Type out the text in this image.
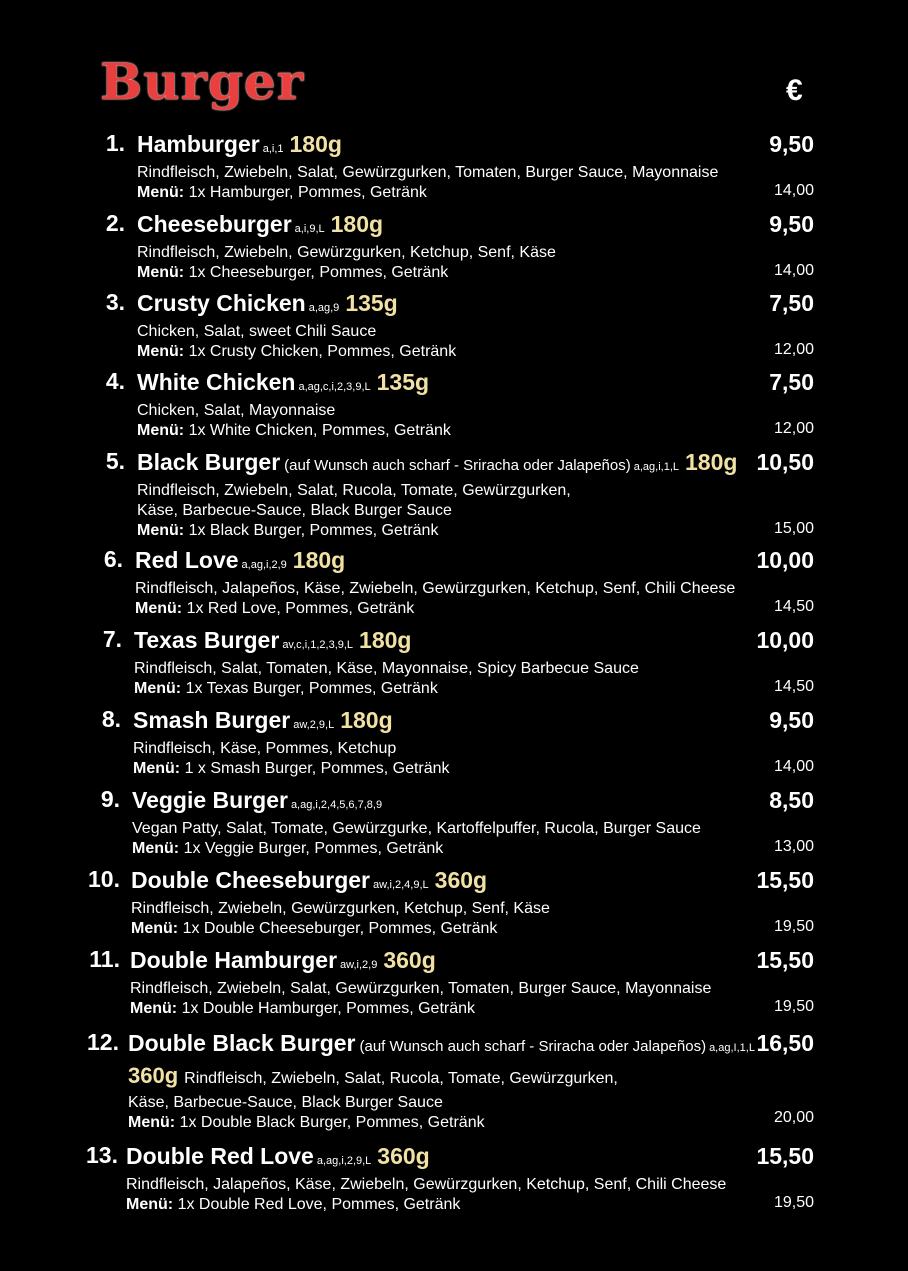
Burger	€
1. Hamburger a,i,1 180g
Rindfleisch, Zwiebeln, Salat, Gewürzgurken, Tomaten, Burger Sauce, Mayonnaise
Menü: 1x Hamburger, Pommes, Getränk
9,50
14,00
2. Cheeseburger a,i,9,L 180g
Rindfleisch, Zwiebeln, Gewürzgurken, Ketchup, Senf, Käse
Menü: 1x Cheeseburger, Pommes, Getränk
9,50
14,00
3. Crusty Chicken a,ag,9 135g
Chicken, Salat, sweet Chili Sauce
Menü: 1x Crusty Chicken, Pommes, Getränk
7,50
12,00
4. White Chicken a,ag,c,i,2,3,9,L 135g
Chicken, Salat, Mayonnaise
Menü: 1x White Chicken, Pommes, Getränk
7,50
12,00
5. Black Burger (auf Wunsch auch scharf - Sriracha oder Jalapeños) a,ag,i,1,L 180g
Rindfleisch, Zwiebeln, Salat, Rucola, Tomate, Gewürzgurken,
Käse, Barbecue-Sauce, Black Burger Sauce
Menü: 1x Black Burger, Pommes, Getränk
10,50
15,00
6. Red Love a,ag,i,2,9 180g
Rindfleisch, Jalapeños, Käse, Zwiebeln, Gewürzgurken, Ketchup, Senf, Chili Cheese
Menü: 1x Red Love, Pommes, Getränk
10,00
14,50
7. Texas Burger av,c,i,1,2,3,9,L 180g
Rindfleisch, Salat, Tomaten, Käse, Mayonnaise, Spicy Barbecue Sauce
Menü: 1x Texas Burger, Pommes, Getränk
10,00
14,50
8. Smash Burger aw,2,9,L 180g
Rindfleisch, Käse, Pommes, Ketchup
Menü: 1 x Smash Burger, Pommes, Getränk
9,50
14,00
9. Veggie Burger a,ag,i,2,4,5,6,7,8,9
Vegan Patty, Salat, Tomate, Gewürzgurke, Kartoffelpuffer, Rucola, Burger Sauce
Menü: 1x Veggie Burger, Pommes, Getränk
8,50
13,00
10. Double Cheeseburger aw,i,2,4,9,L 360g
Rindfleisch, Zwiebeln, Gewürzgurken, Ketchup, Senf, Käse
Menü: 1x Double Cheeseburger, Pommes, Getränk
15,50
19,50
11. Double Hamburger aw,i,2,9 360g
Rindfleisch, Zwiebeln, Salat, Gewürzgurken, Tomaten, Burger Sauce, Mayonnaise
Menü: 1x Double Hamburger, Pommes, Getränk
15,50
19,50
12. Double Black Burger (auf Wunsch auch scharf - Sriracha oder Jalapeños) a,ag,I,1,L
360g Rindfleisch, Zwiebeln, Salat, Rucola, Tomate, Gewürzgurken,
Käse, Barbecue-Sauce, Black Burger Sauce
Menü: 1x Double Black Burger, Pommes, Getränk
16,50
20,00
13. Double Red Love a,ag,i,2,9,L 360g
Rindfleisch, Jalapeños, Käse, Zwiebeln, Gewürzgurken, Ketchup, Senf, Chili Cheese
Menü: 1x Double Red Love, Pommes, Getränk
15,50
19,50
